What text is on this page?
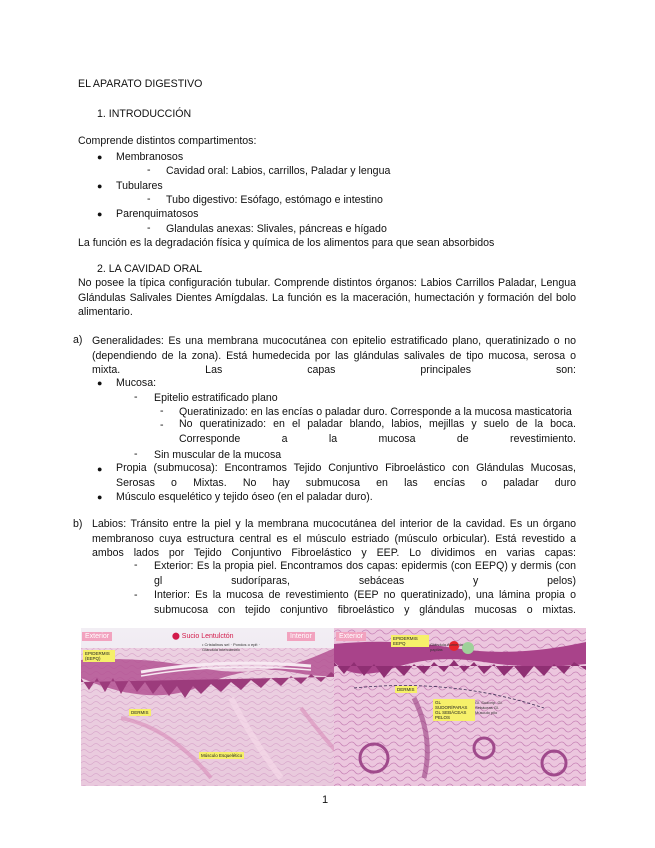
EL APARATO DIGESTIVO
1. INTRODUCCIÓN
Comprende distintos compartimentos:
● Membranosos
- Cavidad oral: Labios, carrillos, Paladar y lengua
● Tubulares
- Tubo digestivo: Esófago, estómago e intestino
● Parenquimatosos
- Glandulas anexas: Slivales, páncreas e hígado
La función es la degradación física y química de los alimentos para que sean absorbidos
2. LA CAVIDAD ORAL
No posee la típica configuración tubular. Comprende distintos órganos: Labios Carrillos Paladar, Lengua Glándulas Salivales Dientes Amígdalas. La función es la maceración, humectación y formación del bolo alimentario.
a) Generalidades: Es una membrana mucocutánea con epitelio estratificado plano, queratinizado o no (dependiendo de la zona). Está humedecida por las glándulas salivales de tipo mucosa, serosa o mixta. Las capas principales son:
● Mucosa:
- Epitelio estratificado plano
- Queratinizado: en las encías o paladar duro. Corresponde a la mucosa masticatoria
- No queratinizado: en el paladar blando, labios, mejillas y suelo de la boca. Corresponde a la mucosa de revestimiento.
- Sin muscular de la mucosa
● Propia (submucosa): Encontramos Tejido Conjuntivo Fibroelástico con Glándulas Mucosas, Serosas o Mixtas. No hay submucosa en las encías o paladar duro
● Músculo esquelético y tejido óseo (en el paladar duro).
b) Labios: Tránsito entre la piel y la membrana mucocutánea del interior de la cavidad. Es un órgano membranoso cuya estructura central es el músculo estriado (músculo orbicular). Está revestido a ambos lados por Tejido Conjuntivo Fibroelástico y EEP. Lo dividimos en varias capas:
- Exterior: Es la propia piel. Encontramos dos capas: epidermis (con EEPQ) y dermis (con gl sudoríparas, sebáceas y pelos)
- Interior: Es la mucosa de revestimiento (EEP no queratinizado), una lámina propia o submucosa con tejido conjuntivo fibroelástico y glándulas mucosas o mixtas.
Exterior	Interior
⬤ Sucio Lentulctón
• Cristalinos sel · Pondos o epit · Glándula intercambio
EPIDERMIS (EEPQ)
DERMIS
Músculo Esquelético
Exterior	EPIDERMIS EEPQ	Glándula Aumento papilas
DERMIS
GL SUDORÍPARAS GL SEBÁCEAS PELOS
Gl. Sudoríp. Gl. Sebáceas Gl. Músculo pilo
1
